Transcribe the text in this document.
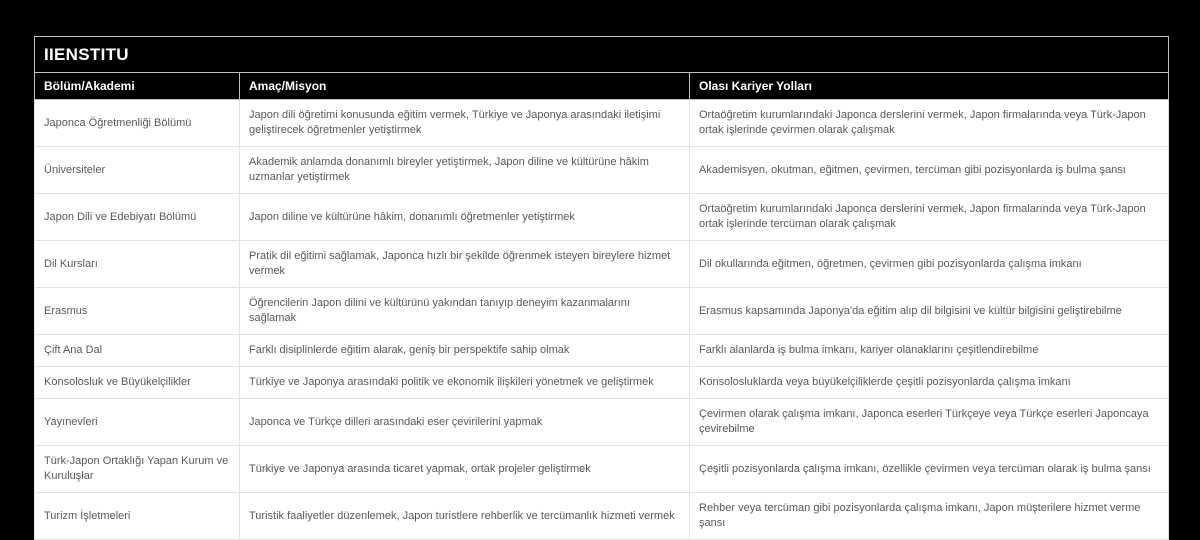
IIENSTITU		
Bölüm/Akademi	Amaç/Misyon	Olası Kariyer Yolları
Japonca Öğretmenliği Bölümü	Japon dili öğretimi konusunda eğitim vermek, Türkiye ve Japonya arasındaki iletişimi geliştirecek öğretmenler yetiştirmek	Ortaöğretim kurumlarındaki Japonca derslerini vermek, Japon firmalarında veya Türk-Japon ortak işlerinde çevirmen olarak çalışmak
Üniversiteler	Akademik anlamda donanımlı bireyler yetiştirmek, Japon diline ve kültürüne hâkim uzmanlar yetiştirmek	Akademisyen, okutman, eğitmen, çevirmen, tercüman gibi pozisyonlarda iş bulma şansı
Japon Dili ve Edebiyatı Bölümü	Japon diline ve kültürüne hâkim, donanımlı öğretmenler yetiştirmek	Ortaöğretim kurumlarındaki Japonca derslerini vermek, Japon firmalarında veya Türk-Japon ortak işlerinde tercüman olarak çalışmak
Dil Kursları	Pratik dil eğitimi sağlamak, Japonca hızlı bir şekilde öğrenmek isteyen bireylere hizmet vermek	Dil okullarında eğitmen, öğretmen, çevirmen gibi pozisyonlarda çalışma imkanı
Erasmus	Öğrencilerin Japon dilini ve kültürünü yakından tanıyıp deneyim kazanmalarını sağlamak	Erasmus kapsamında Japonya'da eğitim alıp dil bilgisini ve kültür bilgisini geliştirebilme
Çift Ana Dal	Farklı disiplinlerde eğitim alarak, geniş bir perspektife sahip olmak	Farklı alanlarda iş bulma imkanı, kariyer olanaklarını çeşitlendirebilme
Konsolosluk ve Büyükelçilikler	Türkiye ve Japonya arasındaki politik ve ekonomik ilişkileri yönetmek ve geliştirmek	Konsolosluklarda veya büyükelçiliklerde çeşitli pozisyonlarda çalışma imkanı
Yayınevleri	Japonca ve Türkçe dilleri arasındaki eser çevirilerini yapmak	Çevirmen olarak çalışma imkanı, Japonca eserleri Türkçeye veya Türkçe eserleri Japoncaya çevirebilme
Türk-Japon Ortaklığı Yapan Kurum ve Kuruluşlar	Türkiye ve Japonya arasında ticaret yapmak, ortak projeler geliştirmek	Çeşitli pozisyonlarda çalışma imkanı, özellikle çevirmen veya tercüman olarak iş bulma şansı
Turizm İşletmeleri	Turistik faaliyetler düzenlemek, Japon turistlere rehberlik ve tercümanlık hizmeti vermek	Rehber veya tercüman gibi pozisyonlarda çalışma imkanı, Japon müşterilere hizmet verme şansı
